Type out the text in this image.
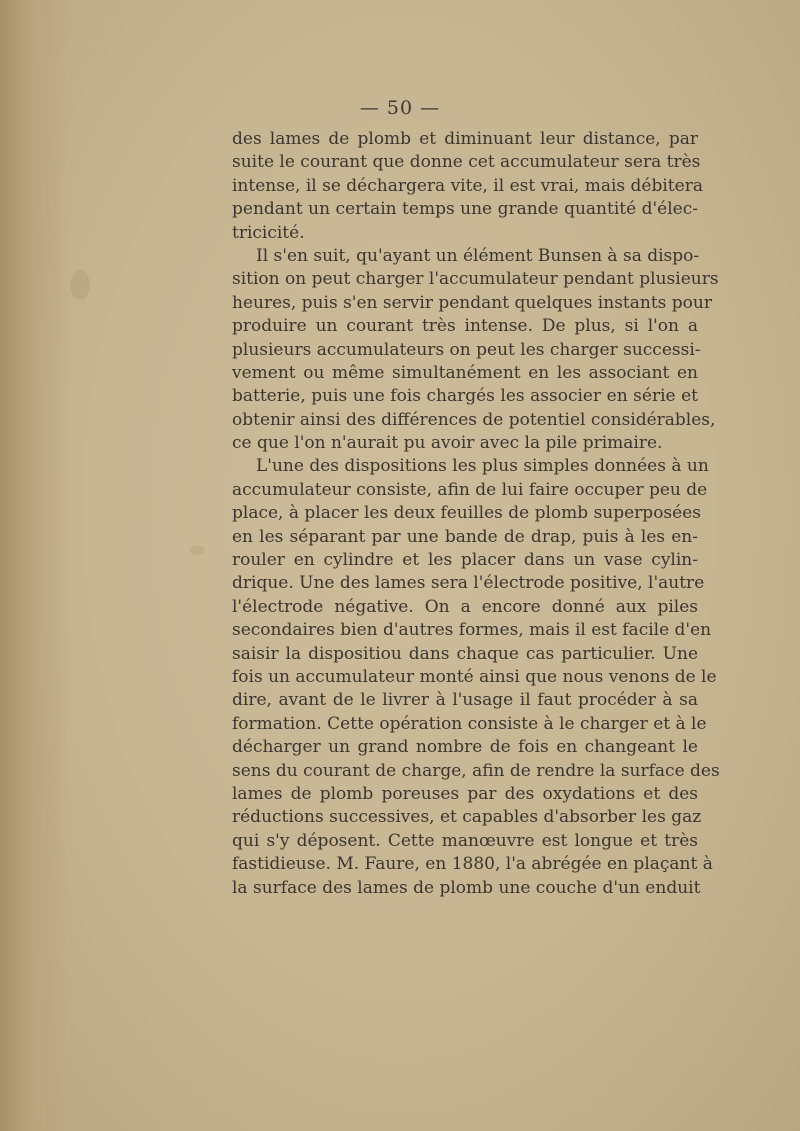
— 50 —
des lames de plomb et diminuant leur distance, par
suite le courant que donne cet accumulateur sera très
intense, il se déchargera vite, il est vrai, mais débitera
pendant un certain temps une grande quantité d'élec-
tricicité.
Il s'en suit, qu'ayant un élément Bunsen à sa dispo-
sition on peut charger l'accumulateur pendant plusieurs
heures, puis s'en servir pendant quelques instants pour
produire un courant très intense. De plus, si l'on a
plusieurs accumulateurs on peut les charger successi-
vement ou même simultanément en les associant en
batterie, puis une fois chargés les associer en série et
obtenir ainsi des différences de potentiel considérables,
ce que l'on n'aurait pu avoir avec la pile primaire.
L'une des dispositions les plus simples données à un
accumulateur consiste, afin de lui faire occuper peu de
place, à placer les deux feuilles de plomb superposées
en les séparant par une bande de drap, puis à les en-
rouler en cylindre et les placer dans un vase cylin-
drique. Une des lames sera l'électrode positive, l'autre
l'électrode négative. On a encore donné aux piles
secondaires bien d'autres formes, mais il est facile d'en
saisir la dispositiou dans chaque cas particulier. Une
fois un accumulateur monté ainsi que nous venons de le
dire, avant de le livrer à l'usage il faut procéder à sa
formation. Cette opération consiste à le charger et à le
décharger un grand nombre de fois en changeant le
sens du courant de charge, afin de rendre la surface des
lames de plomb poreuses par des oxydations et des
réductions successives, et capables d'absorber les gaz
qui s'y déposent. Cette manœuvre est longue et très
fastidieuse. M. Faure, en 1880, l'a abrégée en plaçant à
la surface des lames de plomb une couche d'un enduit
